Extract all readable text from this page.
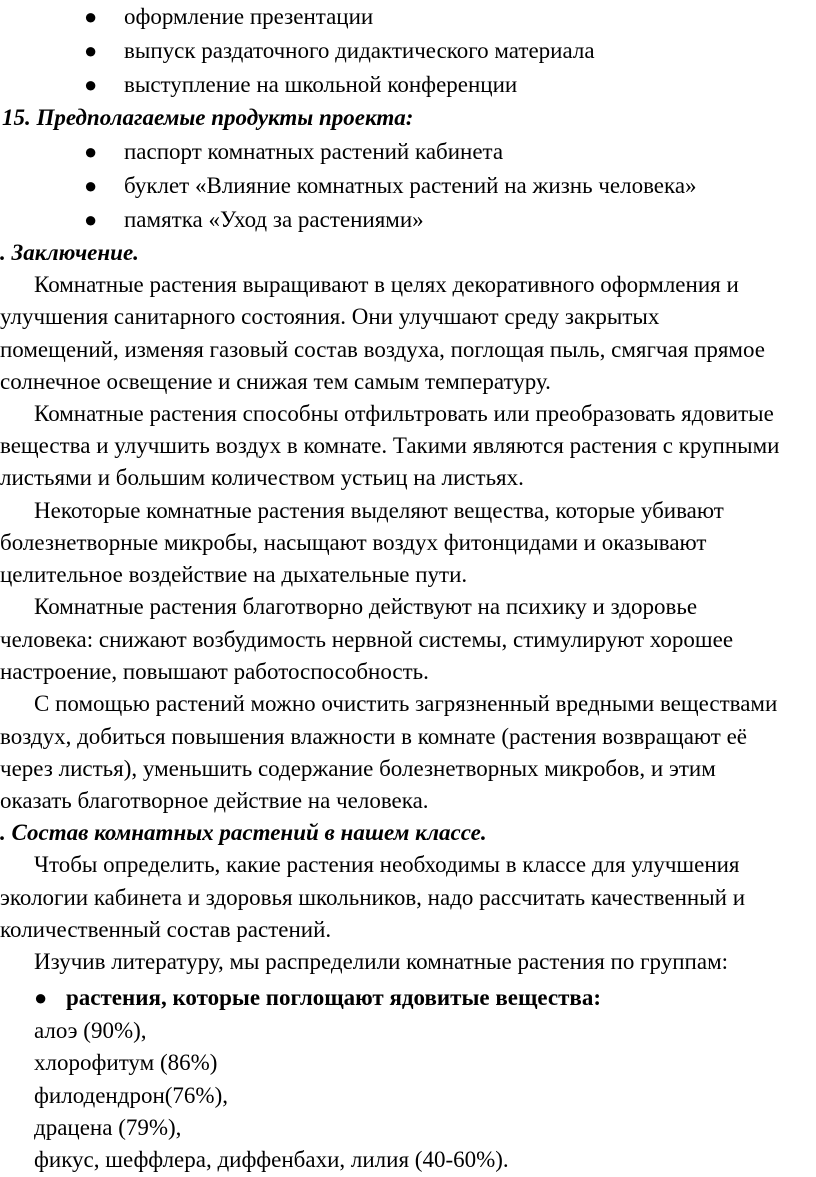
● оформление презентации
● выпуск раздаточного дидактического материала
● выступление на школьной конференции
15. Предполагаемые продукты проекта:
● паспорт комнатных растений кабинета
● буклет «Влияние комнатных растений на жизнь человека»
● памятка «Уход за растениями»
. Заключение.
Комнатные растения выращивают в целях декоративного оформления и
улучшения санитарного состояния. Они улучшают среду закрытых
помещений, изменяя газовый состав воздуха, поглощая пыль, смягчая прямое
солнечное освещение и снижая тем самым температуру.
Комнатные растения способны отфильтровать или преобразовать ядовитые
вещества и улучшить воздух в комнате. Такими являются растения с крупными
листьями и большим количеством устьиц на листьях.
Некоторые комнатные растения выделяют вещества, которые убивают
болезнетворные микробы, насыщают воздух фитонцидами и оказывают
целительное воздействие на дыхательные пути.
Комнатные растения благотворно действуют на психику и здоровье
человека: снижают возбудимость нервной системы, стимулируют хорошее
настроение, повышают работоспособность.
С помощью растений можно очистить загрязненный вредными веществами
воздух, добиться повышения влажности в комнате (растения возвращают её
через листья), уменьшить содержание болезнетворных микробов, и этим
оказать благотворное действие на человека.
. Состав комнатных растений в нашем классе.
Чтобы определить, какие растения необходимы в классе для улучшения
экологии кабинета и здоровья школьников, надо рассчитать качественный и
количественный состав растений.
Изучив литературу, мы распределили комнатные растения по группам:
● растения, которые поглощают ядовитые вещества:
алоэ (90%),
хлорофитум (86%)
филодендрон(76%),
драцена (79%),
фикус, шеффлера, диффенбахи, лилия (40-60%).
